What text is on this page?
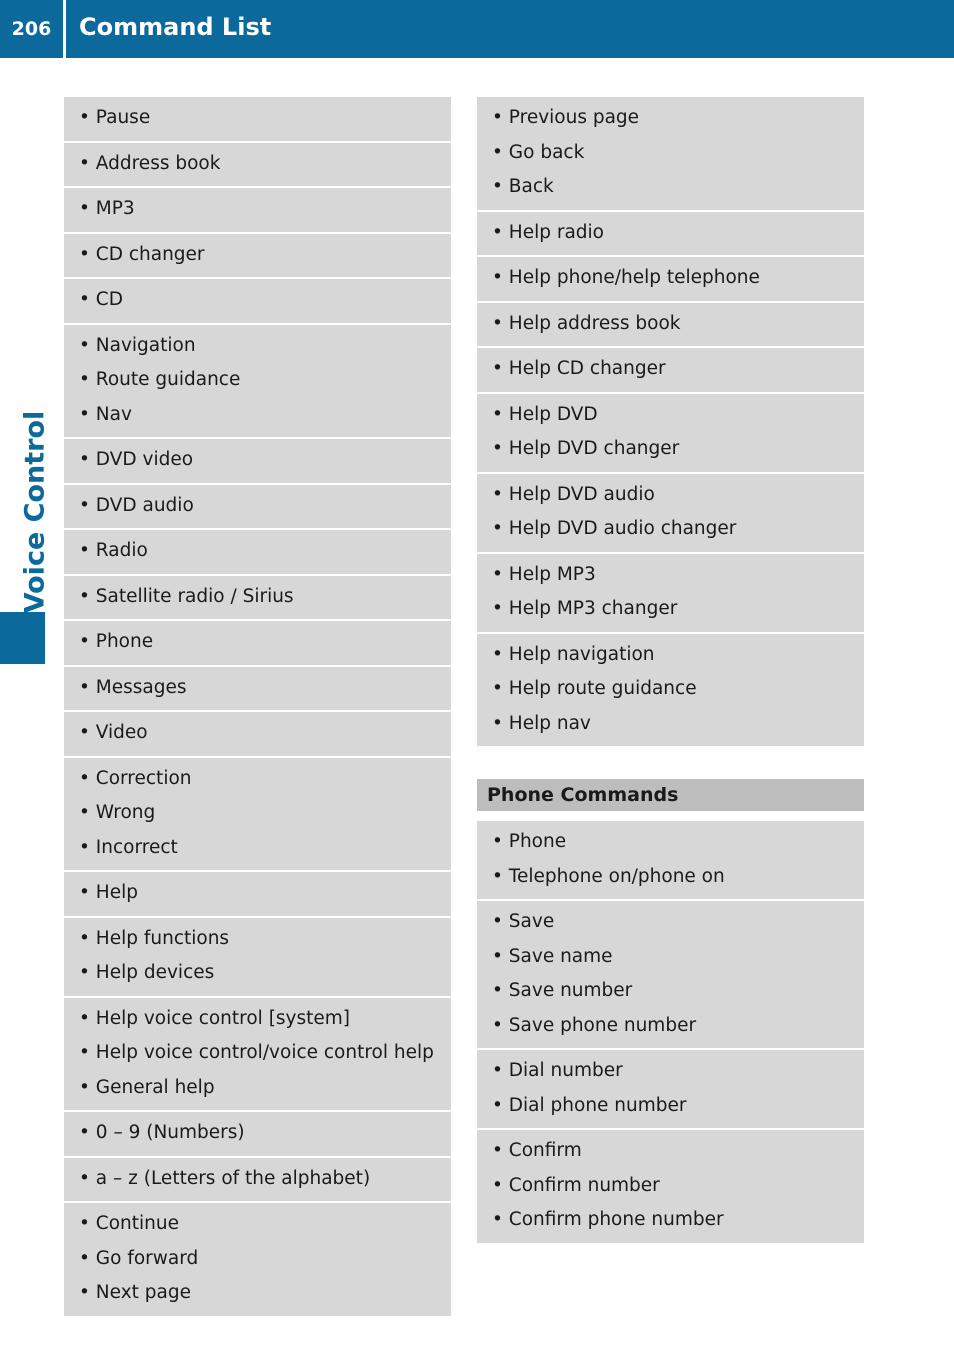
206	Command List
Voice Control
• Pause
• Address book
• MP3
• CD changer
• CD
• Navigation
• Route guidance
• Nav
• DVD video
• DVD audio
• Radio
• Satellite radio / Sirius
• Phone
• Messages
• Video
• Correction
• Wrong
• Incorrect
• Help
• Help functions
• Help devices
• Help voice control [system]
• Help voice control/voice control help
• General help
• 0 – 9 (Numbers)
• a – z (Letters of the alphabet)
• Continue
• Go forward
• Next page
• Previous page
• Go back
• Back
• Help radio
• Help phone/help telephone
• Help address book
• Help CD changer
• Help DVD
• Help DVD changer
• Help DVD audio
• Help DVD audio changer
• Help MP3
• Help MP3 changer
• Help navigation
• Help route guidance
• Help nav
Phone Commands
• Phone
• Telephone on/phone on
• Save
• Save name
• Save number
• Save phone number
• Dial number
• Dial phone number
• Confirm
• Confirm number
• Confirm phone number
